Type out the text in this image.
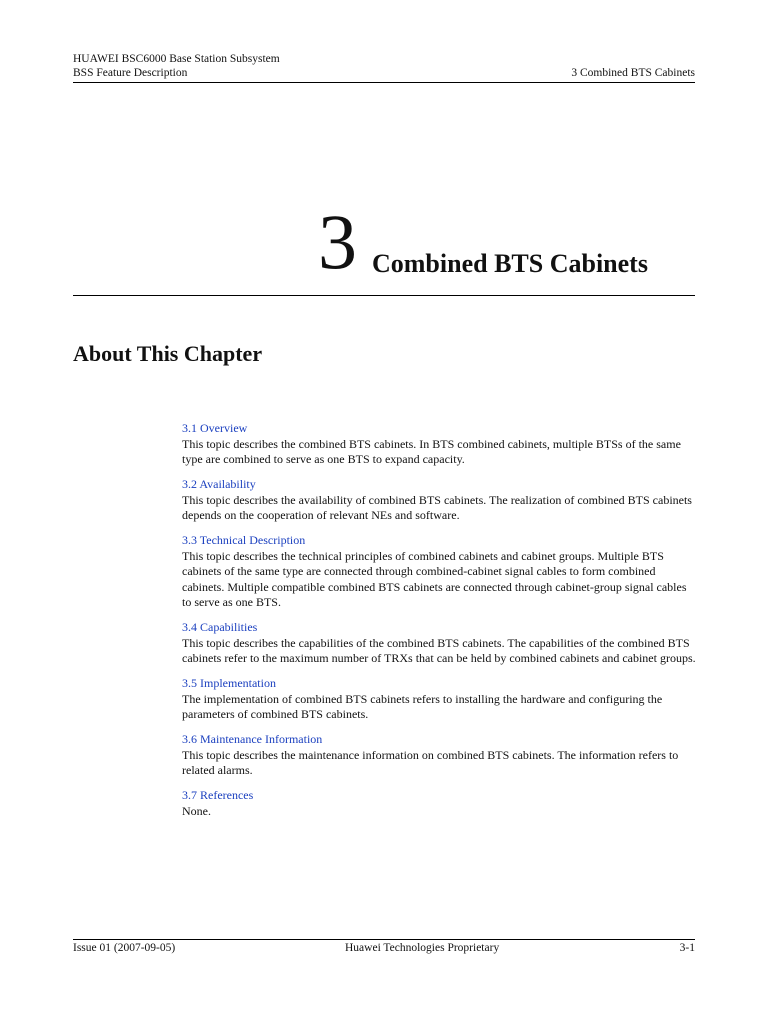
HUAWEI BSC6000 Base Station Subsystem
BSS Feature Description	3 Combined BTS Cabinets
3 Combined BTS Cabinets
About This Chapter
3.1 Overview
This topic describes the combined BTS cabinets. In BTS combined cabinets, multiple BTSs of the same type are combined to serve as one BTS to expand capacity.
3.2 Availability
This topic describes the availability of combined BTS cabinets. The realization of combined BTS cabinets depends on the cooperation of relevant NEs and software.
3.3 Technical Description
This topic describes the technical principles of combined cabinets and cabinet groups. Multiple BTS cabinets of the same type are connected through combined-cabinet signal cables to form combined cabinets. Multiple compatible combined BTS cabinets are connected through cabinet-group signal cables to serve as one BTS.
3.4 Capabilities
This topic describes the capabilities of the combined BTS cabinets. The capabilities of the combined BTS cabinets refer to the maximum number of TRXs that can be held by combined cabinets and cabinet groups.
3.5 Implementation
The implementation of combined BTS cabinets refers to installing the hardware and configuring the parameters of combined BTS cabinets.
3.6 Maintenance Information
This topic describes the maintenance information on combined BTS cabinets. The information refers to related alarms.
3.7 References
None.
Issue 01 (2007-09-05)	Huawei Technologies Proprietary	3-1
